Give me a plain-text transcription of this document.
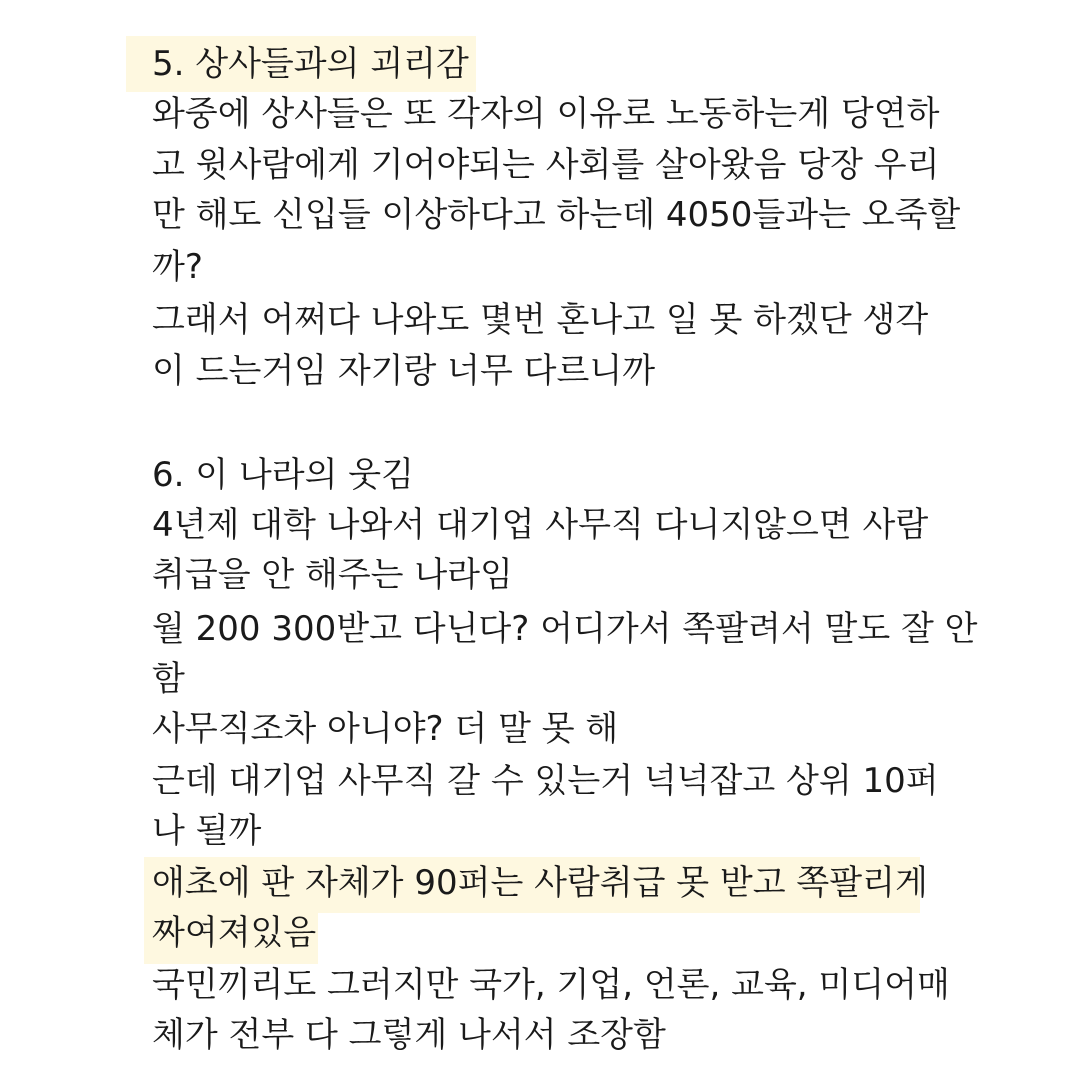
5. 상사들과의 괴리감
와중에 상사들은 또 각자의 이유로 노동하는게 당연하
고 윗사람에게 기어야되는 사회를 살아왔음 당장 우리
만 해도 신입들 이상하다고 하는데 4050들과는 오죽할
까?
그래서 어쩌다 나와도 몇번 혼나고 일 못 하겠단 생각
이 드는거임 자기랑 너무 다르니까
6. 이 나라의 웃김
4년제 대학 나와서 대기업 사무직 다니지않으면 사람
취급을 안 해주는 나라임
월 200 300받고 다닌다? 어디가서 쪽팔려서 말도 잘 안
함
사무직조차 아니야? 더 말 못 해
근데 대기업 사무직 갈 수 있는거 넉넉잡고 상위 10퍼
나 될까
애초에 판 자체가 90퍼는 사람취급 못 받고 쪽팔리게
짜여져있음
국민끼리도 그러지만 국가, 기업, 언론, 교육, 미디어매
체가 전부 다 그렇게 나서서 조장함
